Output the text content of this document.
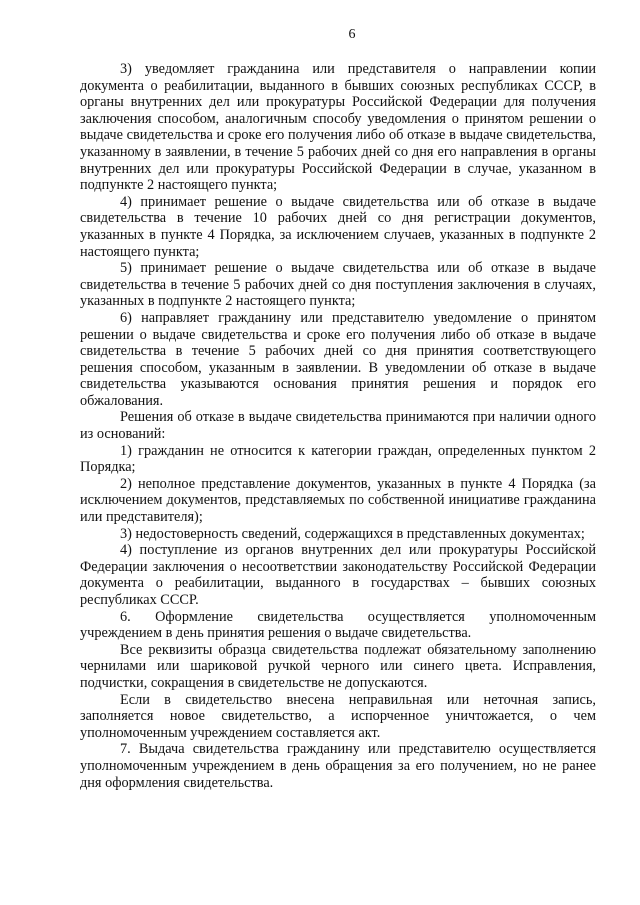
6

3) уведомляет гражданина или представителя о направлении копии документа о реабилитации, выданного в бывших союзных республиках СССР, в органы внутренних дел или прокуратуры Российской Федерации для получения заключения способом, аналогичным способу уведомления о принятом решении о выдаче свидетельства и сроке его получения либо об отказе в выдаче свидетельства, указанному в заявлении, в течение 5 рабочих дней со дня его направления в органы внутренних дел или прокуратуры Российской Федерации в случае, указанном в подпункте 2 настоящего пункта;

4) принимает решение о выдаче свидетельства или об отказе в выдаче свидетельства в течение 10 рабочих дней со дня регистрации документов, указанных в пункте 4 Порядка, за исключением случаев, указанных в подпункте 2 настоящего пункта;

5) принимает решение о выдаче свидетельства или об отказе в выдаче свидетельства в течение 5 рабочих дней со дня поступления заключения в случаях, указанных в подпункте 2 настоящего пункта;

6) направляет гражданину или представителю уведомление о принятом решении о выдаче свидетельства и сроке его получения либо об отказе в выдаче свидетельства в течение 5 рабочих дней со дня принятия соответствующего решения способом, указанным в заявлении. В уведомлении об отказе в выдаче свидетельства указываются основания принятия решения и порядок его обжалования.

Решения об отказе в выдаче свидетельства принимаются при наличии одного из оснований:

1) гражданин не относится к категории граждан, определенных пунктом 2 Порядка;

2) неполное представление документов, указанных в пункте 4 Порядка (за исключением документов, представляемых по собственной инициативе гражданина или представителя);

3) недостоверность сведений, содержащихся в представленных документах;

4) поступление из органов внутренних дел или прокуратуры Российской Федерации заключения о несоответствии законодательству Российской Федерации документа о реабилитации, выданного в государствах – бывших союзных республиках СССР.

6. Оформление свидетельства осуществляется уполномоченным учреждением в день принятия решения о выдаче свидетельства.

Все реквизиты образца свидетельства подлежат обязательному заполнению чернилами или шариковой ручкой черного или синего цвета. Исправления, подчистки, сокращения в свидетельстве не допускаются.

Если в свидетельство внесена неправильная или неточная запись, заполняется новое свидетельство, а испорченное уничтожается, о чем уполномоченным учреждением составляется акт.

7. Выдача свидетельства гражданину или представителю осуществляется уполномоченным учреждением в день обращения за его получением, но не ранее дня оформления свидетельства.
